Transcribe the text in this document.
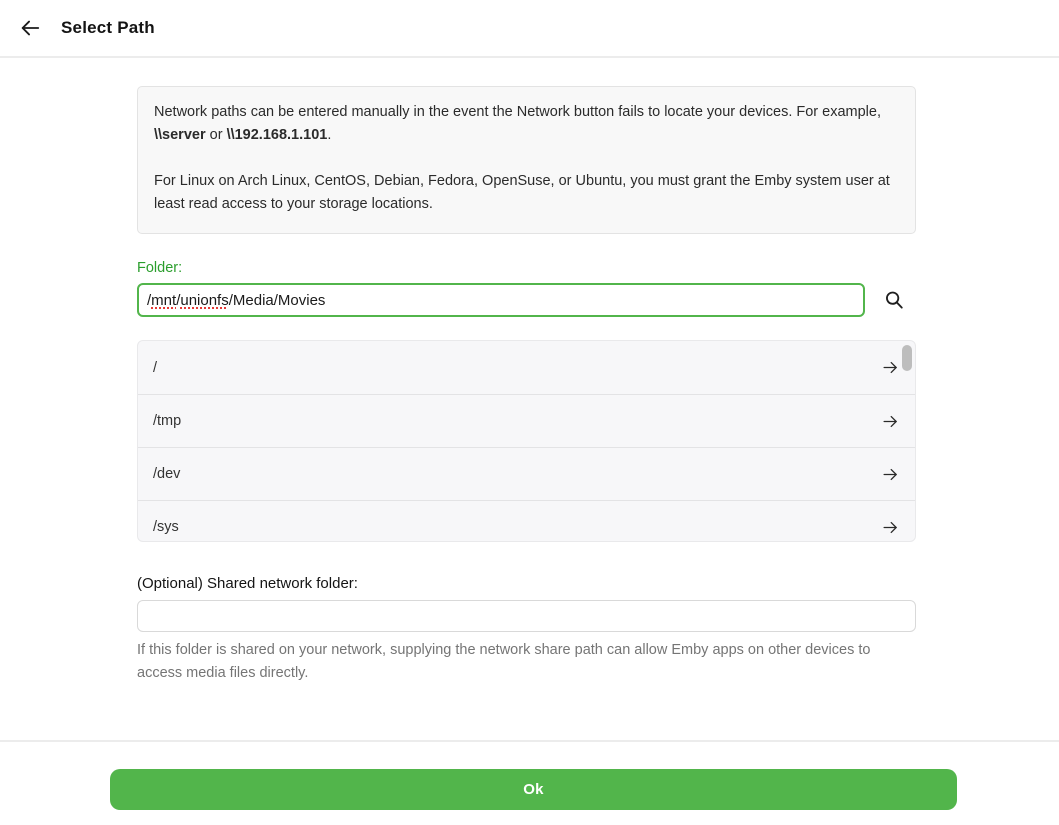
Select Path

Network paths can be entered manually in the event the Network button fails to locate your devices. For example, \\server or \\192.168.1.101.

For Linux on Arch Linux, CentOS, Debian, Fedora, OpenSuse, or Ubuntu, you must grant the Emby system user at least read access to your storage locations.

Folder:
/ mnt / unionfs /Media/Movies
/
/tmp
/dev
/sys
(Optional) Shared network folder:
If this folder is shared on your network, supplying the network share path can allow Emby apps on other devices to access media files directly.
Ok
